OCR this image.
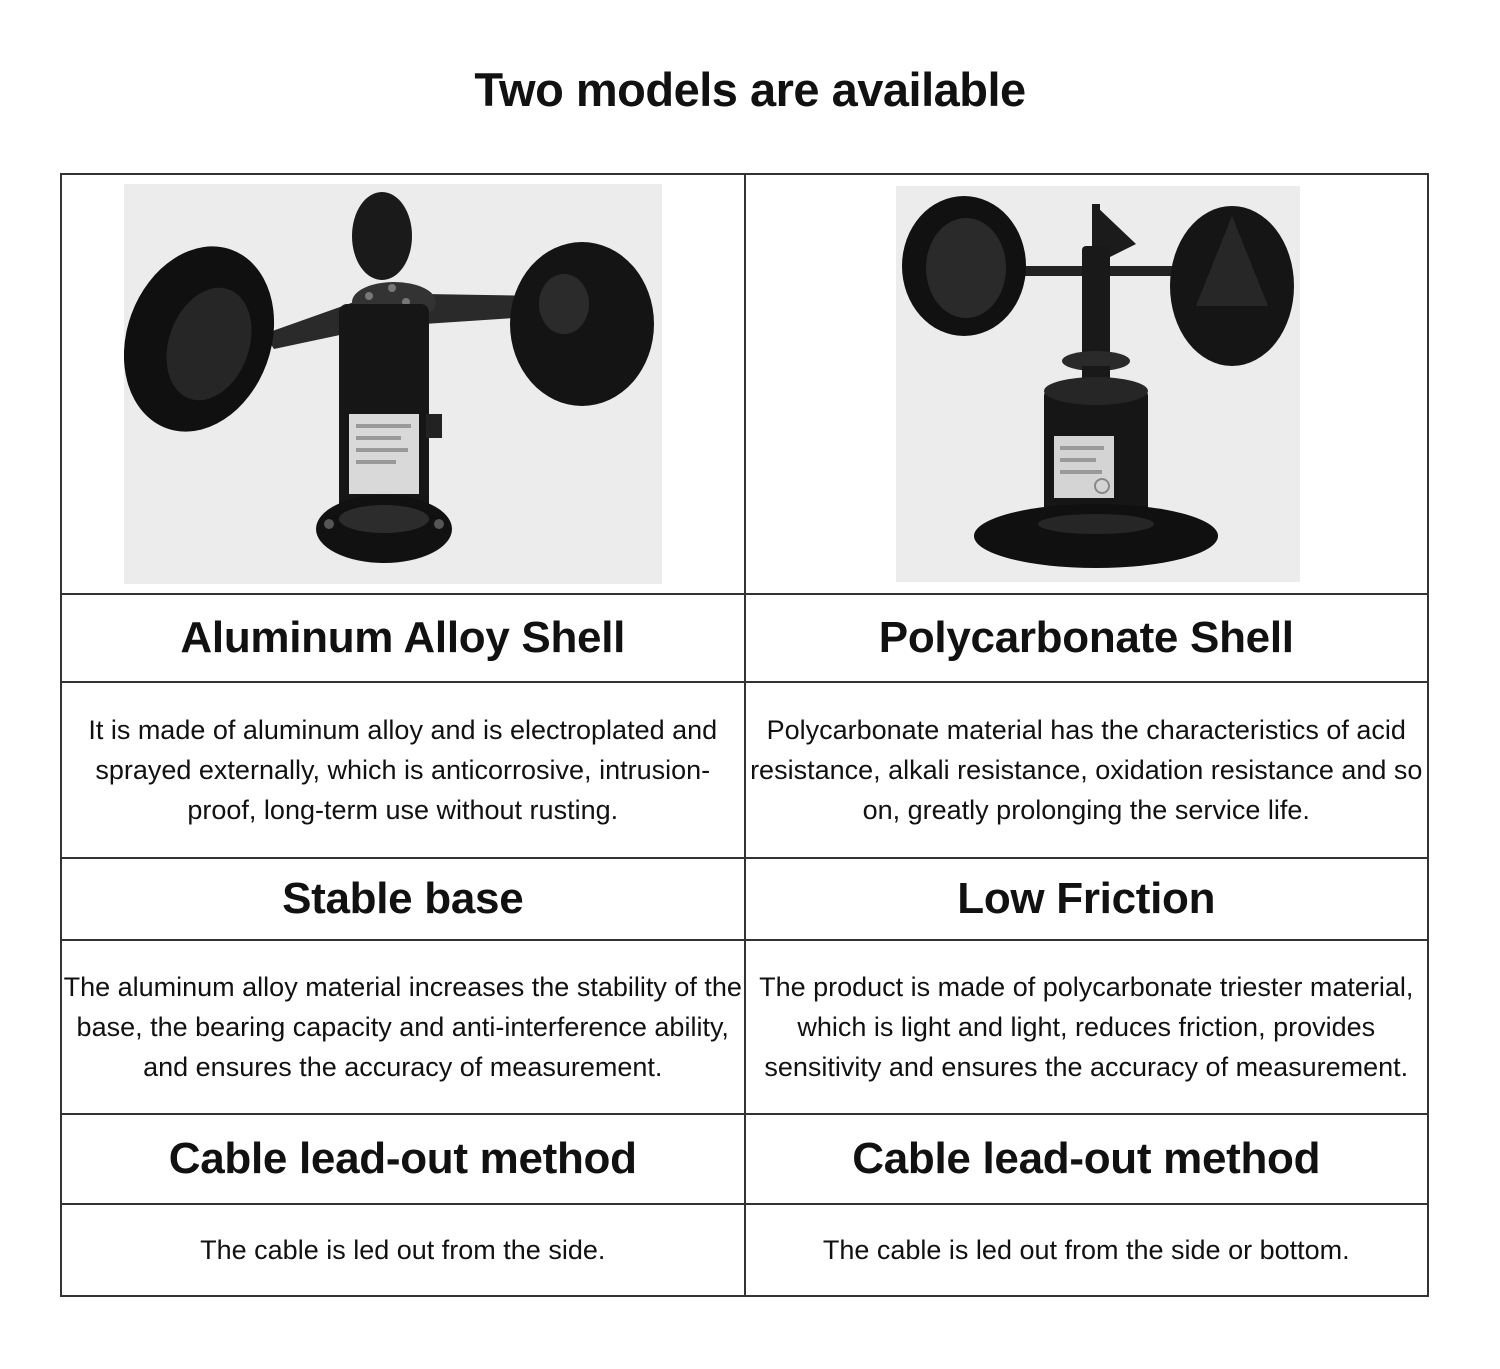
Two models are available

Aluminum Alloy Shell	Polycarbonate Shell
It is made of aluminum alloy and is electroplated and sprayed externally, which is anticorrosive, intrusion-proof, long-term use without rusting.	Polycarbonate material has the characteristics of acid resistance, alkali resistance, oxidation resistance and so on, greatly prolonging the service life.
Stable base	Low Friction
The aluminum alloy material increases the stability of the base, the bearing capacity and anti-interference ability, and ensures the accuracy of measurement.	The product is made of polycarbonate triester material, which is light and light, reduces friction, provides sensitivity and ensures the accuracy of measurement.
Cable lead-out method	Cable lead-out method
The cable is led out from the side.	The cable is led out from the side or bottom.
